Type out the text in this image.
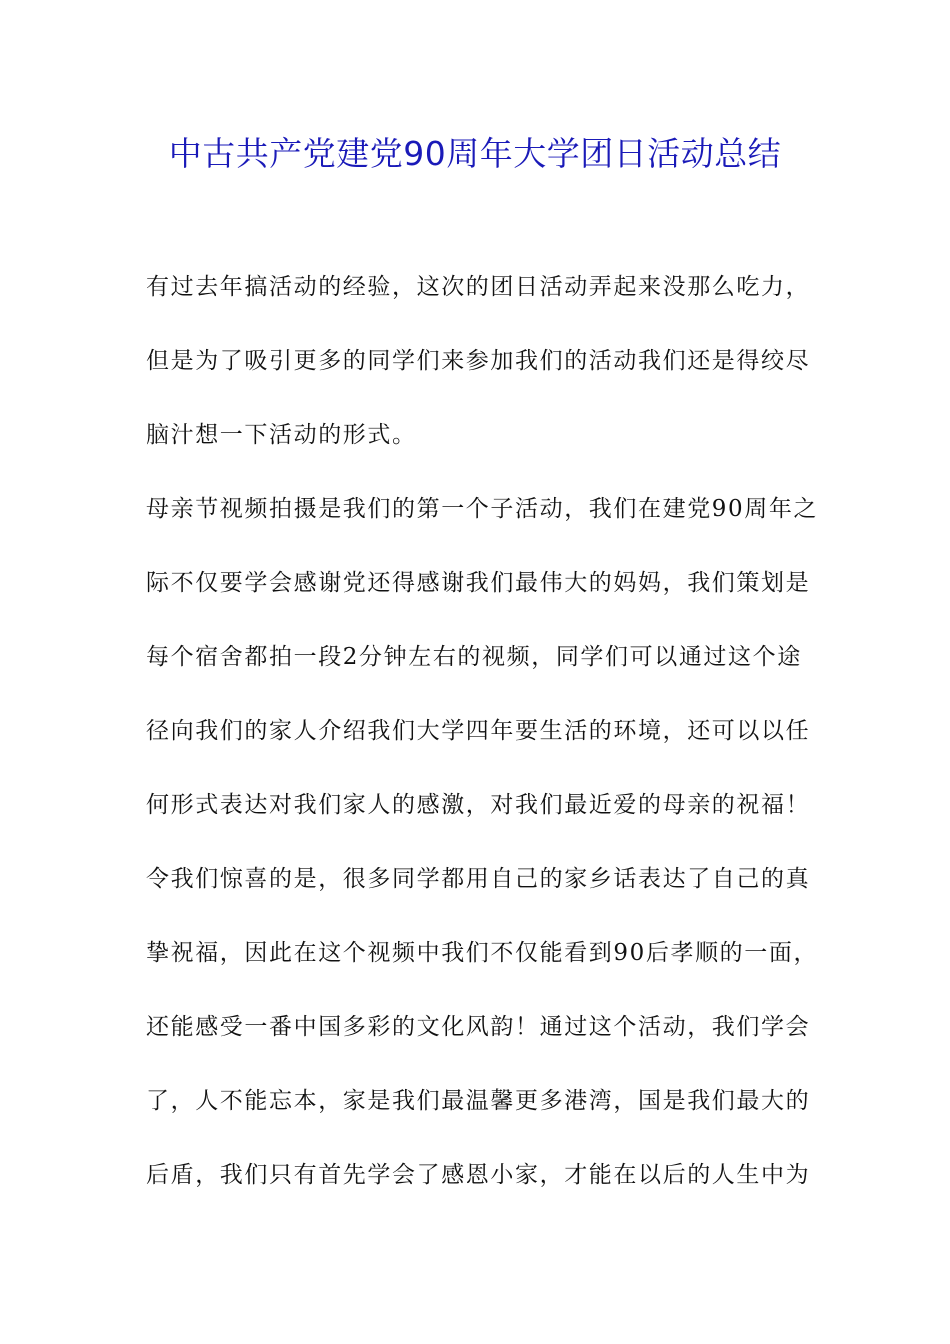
中古共产党建党90周年大学团日活动总结
有过去年搞活动的经验，这次的团日活动弄起来没那么吃力，
但是为了吸引更多的同学们来参加我们的活动我们还是得绞尽
脑汁想一下活动的形式。
母亲节视频拍摄是我们的第一个子活动，我们在建党90周年之
际不仅要学会感谢党还得感谢我们最伟大的妈妈，我们策划是
每个宿舍都拍一段2分钟左右的视频，同学们可以通过这个途
径向我们的家人介绍我们大学四年要生活的环境，还可以以任
何形式表达对我们家人的感激，对我们最近爱的母亲的祝福！
令我们惊喜的是，很多同学都用自己的家乡话表达了自己的真
挚祝福，因此在这个视频中我们不仅能看到90后孝顺的一面，
还能感受一番中国多彩的文化风韵！通过这个活动，我们学会
了，人不能忘本，家是我们最温馨更多港湾，国是我们最大的
后盾，我们只有首先学会了感恩小家，才能在以后的人生中为
